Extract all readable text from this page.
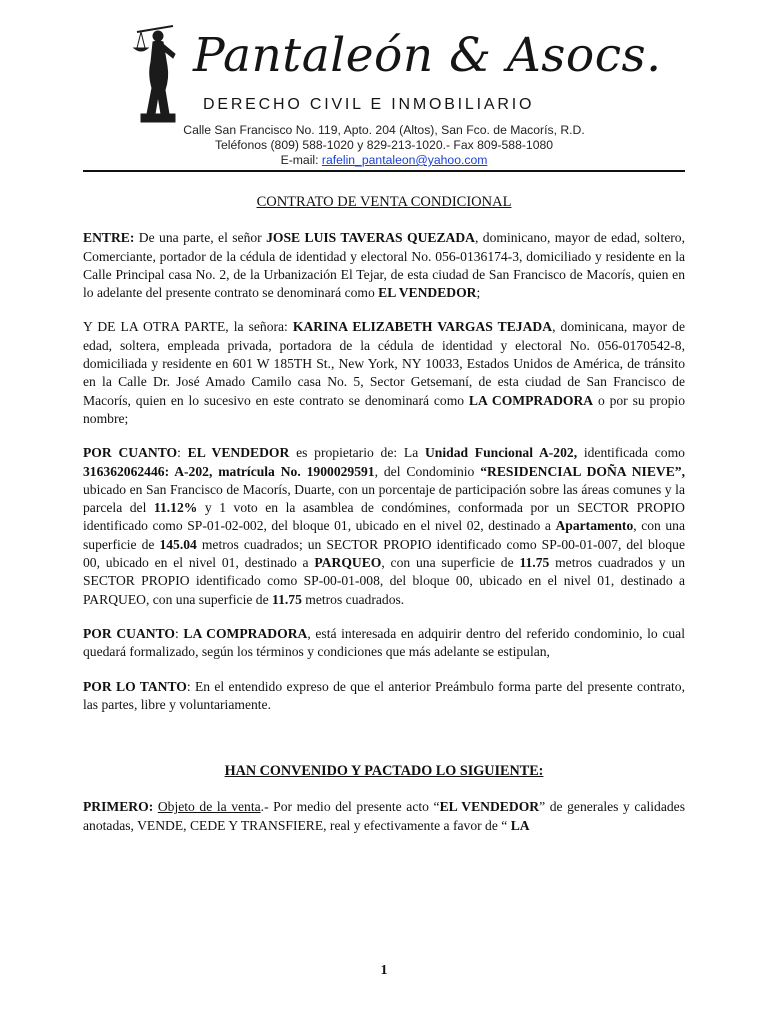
Pantaleón & Asocs.
DERECHO CIVIL E INMOBILIARIO
Calle San Francisco No. 119, Apto. 204 (Altos), San Fco. de Macorís, R.D.
Teléfonos (809) 588-1020 y 829-213-1020.- Fax 809-588-1080
E-mail: rafelin_pantaleon@yahoo.com
CONTRATO DE VENTA CONDICIONAL

ENTRE: De una parte, el señor JOSE LUIS TAVERAS QUEZADA, dominicano, mayor de edad, soltero, Comerciante, portador de la cédula de identidad y electoral No. 056-0136174-3, domiciliado y residente en la Calle Principal casa No. 2, de la Urbanización El Tejar, de esta ciudad de San Francisco de Macorís, quien en lo adelante del presente contrato se denominará como EL VENDEDOR;

Y DE LA OTRA PARTE, la señora: KARINA ELIZABETH VARGAS TEJADA, dominicana, mayor de edad, soltera, empleada privada, portadora de la cédula de identidad y electoral No. 056-0170542-8, domiciliada y residente en 601 W 185TH St., New York, NY 10033, Estados Unidos de América, de tránsito en la Calle Dr. José Amado Camilo casa No. 5, Sector Getsemaní, de esta ciudad de San Francisco de Macorís, quien en lo sucesivo en este contrato se denominará como LA COMPRADORA o por su propio nombre;

POR CUANTO: EL VENDEDOR es propietario de: La Unidad Funcional A-202, identificada como 316362062446: A-202, matrícula No. 1900029591, del Condominio “RESIDENCIAL DOÑA NIEVE”, ubicado en San Francisco de Macorís, Duarte, con un porcentaje de participación sobre las áreas comunes y la parcela del 11.12% y 1 voto en la asamblea de condómines, conformada por un SECTOR PROPIO identificado como SP-01-02-002, del bloque 01, ubicado en el nivel 02, destinado a Apartamento, con una superficie de 145.04 metros cuadrados; un SECTOR PROPIO identificado como SP-00-01-007, del bloque 00, ubicado en el nivel 01, destinado a PARQUEO, con una superficie de 11.75 metros cuadrados y un SECTOR PROPIO identificado como SP-00-01-008, del bloque 00, ubicado en el nivel 01, destinado a PARQUEO, con una superficie de 11.75 metros cuadrados.

POR CUANTO: LA COMPRADORA, está interesada en adquirir dentro del referido condominio, lo cual quedará formalizado, según los términos y condiciones que más adelante se estipulan,

POR LO TANTO: En el entendido expreso de que el anterior Preámbulo forma parte del presente contrato, las partes, libre y voluntariamente.

HAN CONVENIDO Y PACTADO LO SIGUIENTE:

PRIMERO: Objeto de la venta.- Por medio del presente acto “EL VENDEDOR” de generales y calidades anotadas, VENDE, CEDE Y TRANSFIERE, real y efectivamente a favor de “ LA

1
